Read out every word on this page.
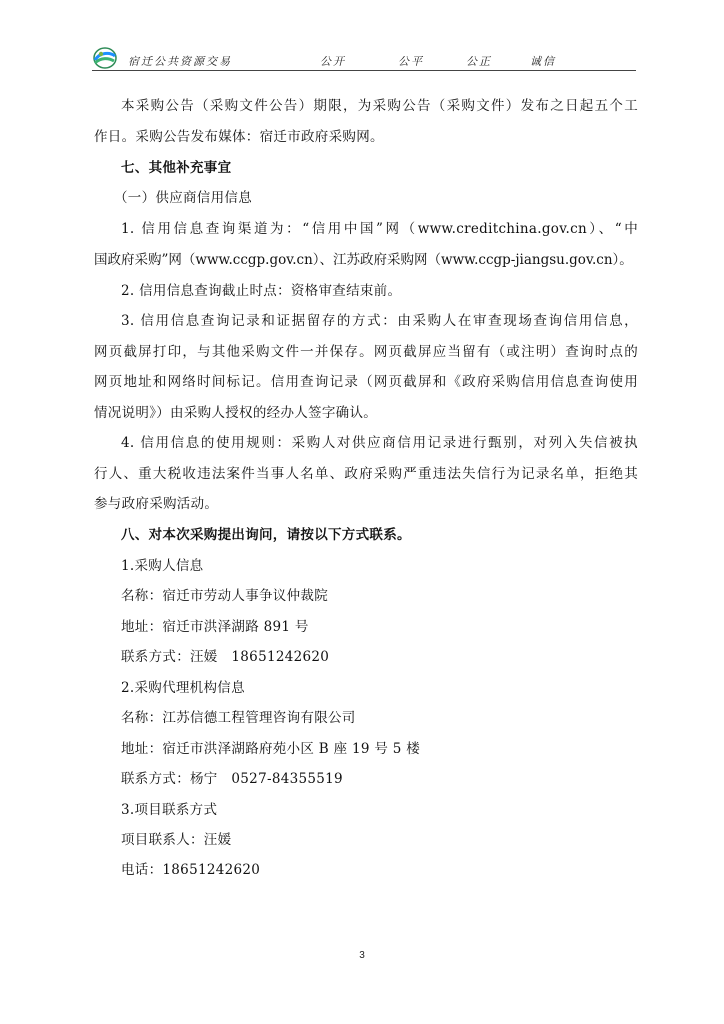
宿迁公共资源交易	公开	公平	公正	诚信
本采购公告（采购文件公告）期限，为采购公告（采购文件）发布之日起五个工
作日。采购公告发布媒体：宿迁市政府采购网。
七、其他补充事宜
（一）供应商信用信息
1. 信用信息查询渠道为：“信用中国”网（www.creditchina.gov.cn）、“中
国政府采购”网（www.ccgp.gov.cn）、江苏政府采购网（www.ccgp-jiangsu.gov.cn）。
2. 信用信息查询截止时点：资格审查结束前。
3. 信用信息查询记录和证据留存的方式：由采购人在审查现场查询信用信息，
网页截屏打印，与其他采购文件一并保存。网页截屏应当留有（或注明）查询时点的
网页地址和网络时间标记。信用查询记录（网页截屏和《政府采购信用信息查询使用
情况说明》）由采购人授权的经办人签字确认。
4. 信用信息的使用规则：采购人对供应商信用记录进行甄别，对列入失信被执
行人、重大税收违法案件当事人名单、政府采购严重违法失信行为记录名单，拒绝其
参与政府采购活动。
八、对本次采购提出询问，请按以下方式联系。
1.采购人信息
名称：宿迁市劳动人事争议仲裁院
地址：宿迁市洪泽湖路 891 号
联系方式：汪媛　18651242620
2.采购代理机构信息
名称：江苏信德工程管理咨询有限公司
地址：宿迁市洪泽湖路府苑小区 B 座 19 号 5 楼
联系方式：杨宁　0527-84355519
3.项目联系方式
项目联系人：汪媛
电话：18651242620
3
